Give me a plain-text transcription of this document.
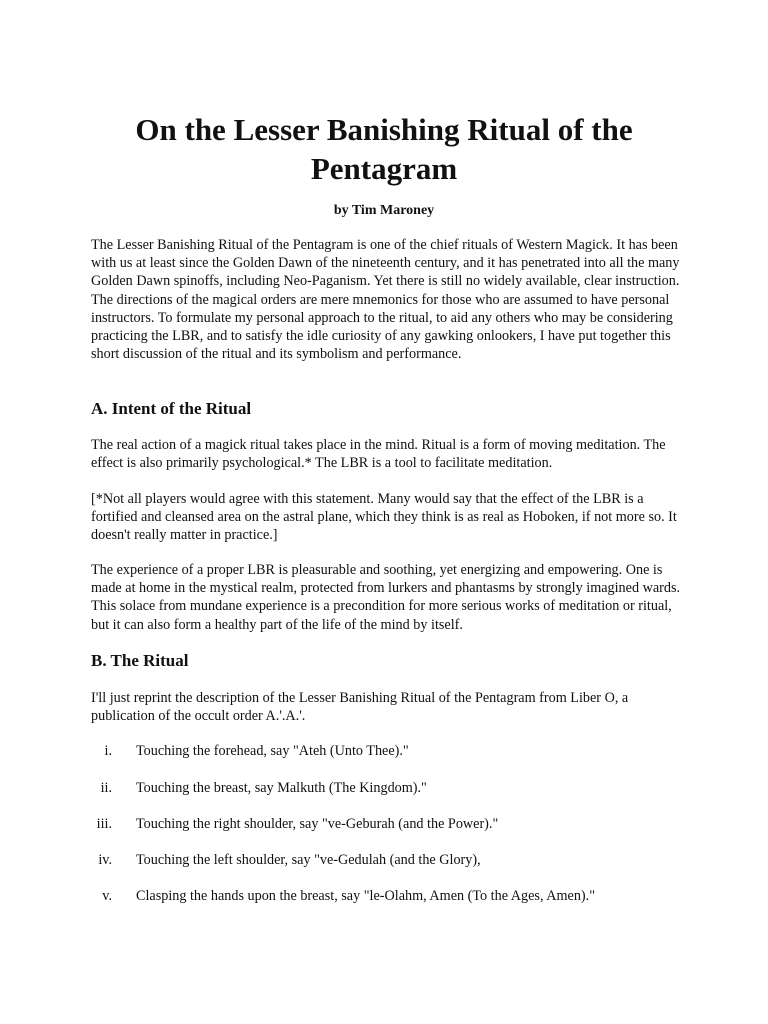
On the Lesser Banishing Ritual of the Pentagram

by Tim Maroney

The Lesser Banishing Ritual of the Pentagram is one of the chief rituals of Western Magick. It has been with us at least since the Golden Dawn of the nineteenth century, and it has penetrated into all the many Golden Dawn spinoffs, including Neo-Paganism. Yet there is still no widely available, clear instruction. The directions of the magical orders are mere mnemonics for those who are assumed to have personal instructors. To formulate my personal approach to the ritual, to aid any others who may be considering practicing the LBR, and to satisfy the idle curiosity of any gawking onlookers, I have put together this short discussion of the ritual and its symbolism and performance.

A. Intent of the Ritual

The real action of a magick ritual takes place in the mind. Ritual is a form of moving meditation. The effect is also primarily psychological.* The LBR is a tool to facilitate meditation.

[*Not all players would agree with this statement. Many would say that the effect of the LBR is a fortified and cleansed area on the astral plane, which they think is as real as Hoboken, if not more so. It doesn't really matter in practice.]

The experience of a proper LBR is pleasurable and soothing, yet energizing and empowering. One is made at home in the mystical realm, protected from lurkers and phantasms by strongly imagined wards. This solace from mundane experience is a precondition for more serious works of meditation or ritual, but it can also form a healthy part of the life of the mind by itself.

B. The Ritual

I'll just reprint the description of the Lesser Banishing Ritual of the Pentagram from Liber O, a publication of the occult order A.'.A.'.

i. Touching the forehead, say "Ateh (Unto Thee)."
ii. Touching the breast, say Malkuth (The Kingdom)."
iii. Touching the right shoulder, say "ve-Geburah (and the Power)."
iv. Touching the left shoulder, say "ve-Gedulah (and the Glory),
v. Clasping the hands upon the breast, say "le-Olahm, Amen (To the Ages, Amen)."
